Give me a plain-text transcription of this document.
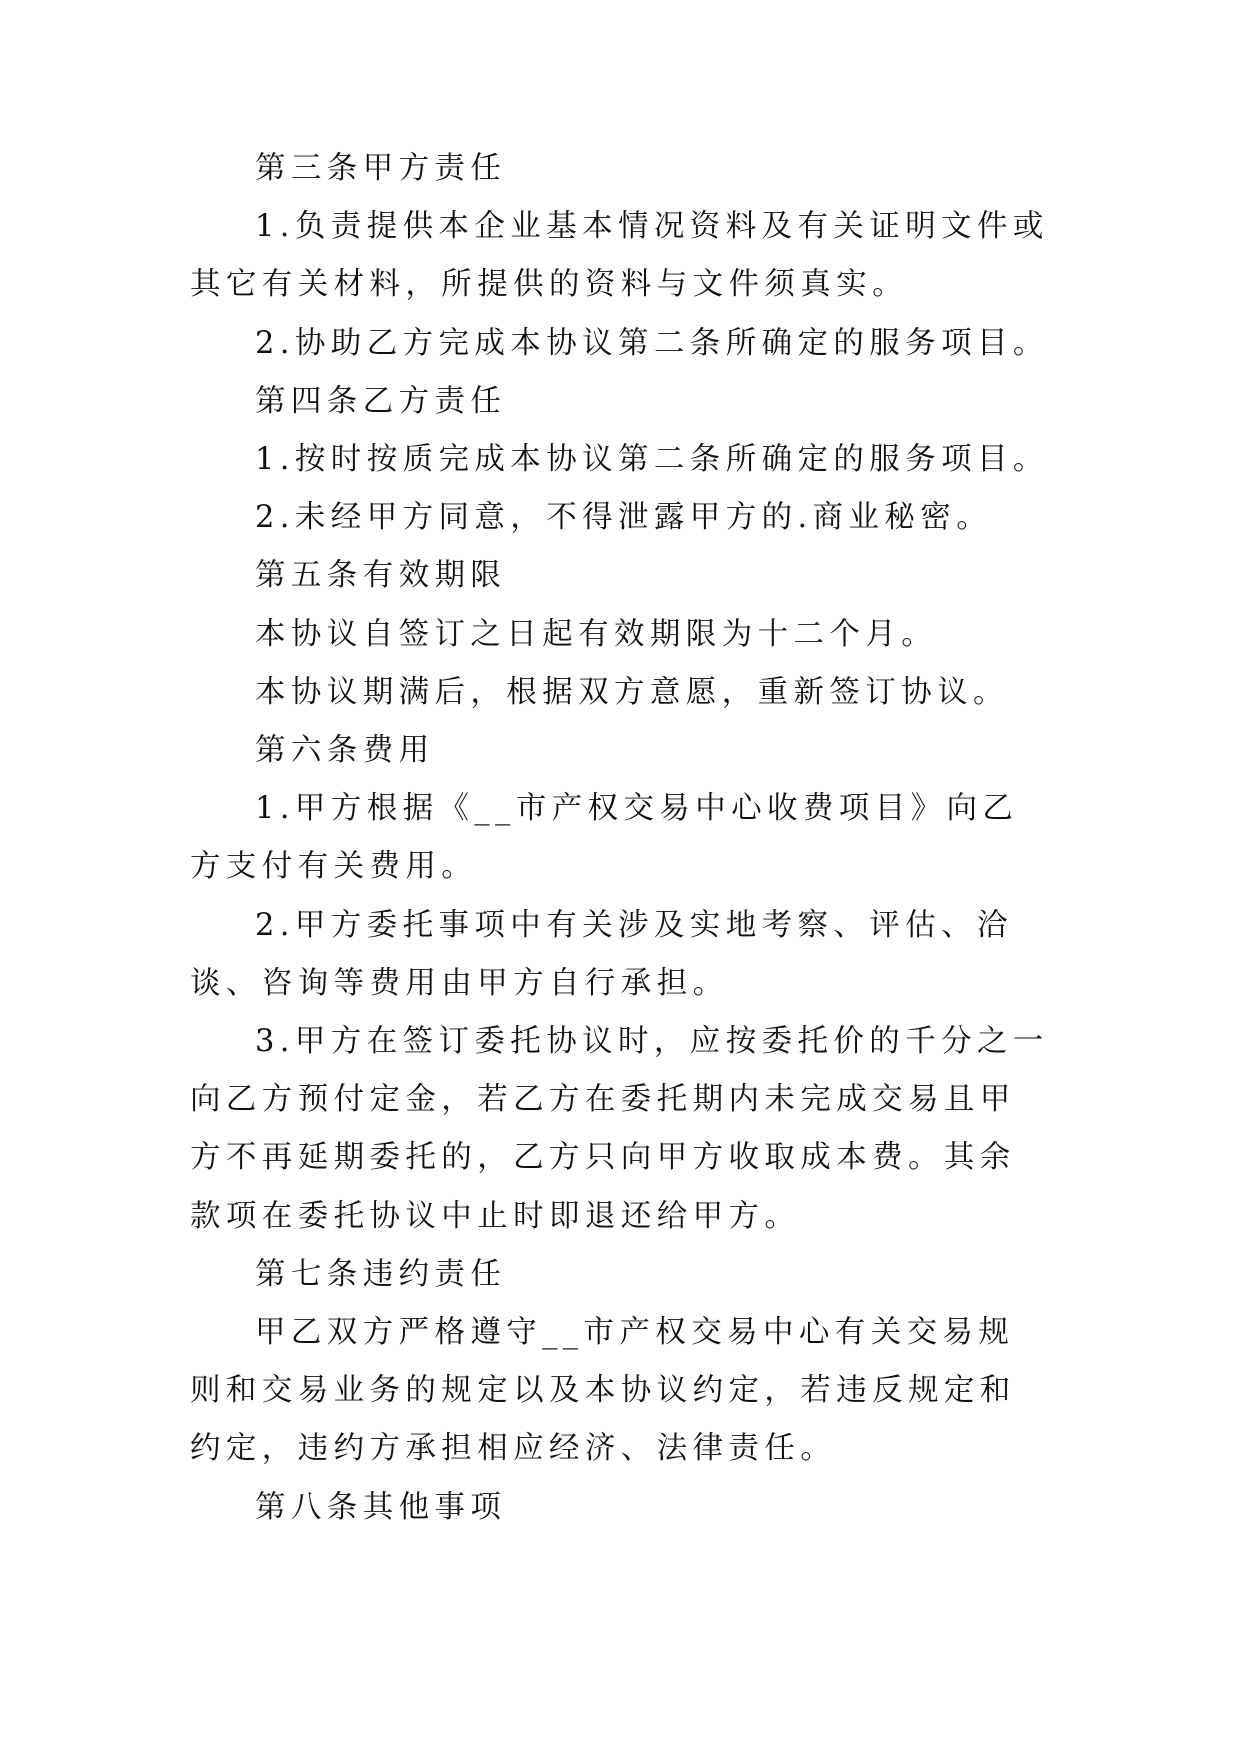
第三条甲方责任

1.负责提供本企业基本情况资料及有关证明文件或其它有关材料，所提供的资料与文件须真实。

2.协助乙方完成本协议第二条所确定的服务项目。

第四条乙方责任

1.按时按质完成本协议第二条所确定的服务项目。

2.未经甲方同意，不得泄露甲方的.商业秘密。

第五条有效期限

本协议自签订之日起有效期限为十二个月。

本协议期满后，根据双方意愿，重新签订协议。

第六条费用

1.甲方根据《__市产权交易中心收费项目》向乙方支付有关费用。

2.甲方委托事项中有关涉及实地考察、评估、洽谈、咨询等费用由甲方自行承担。

3.甲方在签订委托协议时，应按委托价的千分之一向乙方预付定金，若乙方在委托期内未完成交易且甲方不再延期委托的，乙方只向甲方收取成本费。其余款项在委托协议中止时即退还给甲方。

第七条违约责任

甲乙双方严格遵守__市产权交易中心有关交易规则和交易业务的规定以及本协议约定，若违反规定和约定，违约方承担相应经济、法律责任。

第八条其他事项
